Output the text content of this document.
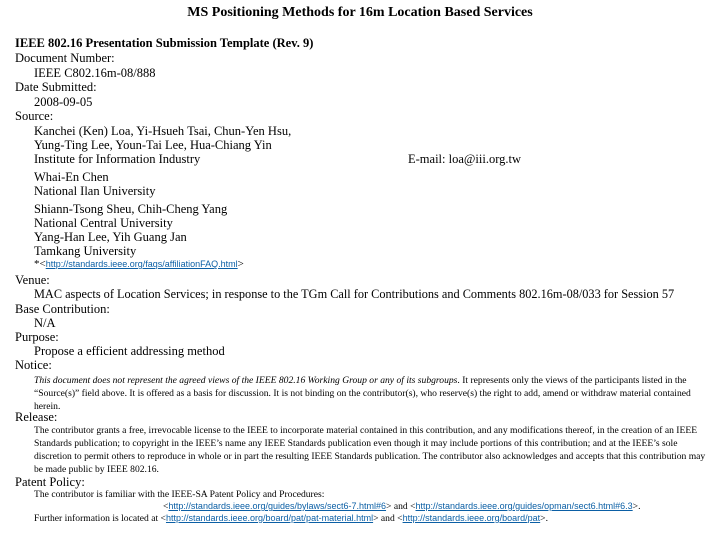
MS Positioning Methods for 16m Location Based Services
IEEE 802.16 Presentation Submission Template (Rev. 9)
Document Number:
IEEE C802.16m-08/888
Date Submitted:
2008-09-05
Source:
Kanchei (Ken) Loa, Yi-Hsueh Tsai, Chun-Yen Hsu,
Yung-Ting Lee, Youn-Tai Lee, Hua-Chiang Yin
Institute for Information Industry	E-mail: loa@iii.org.tw
Whai-En Chen
National Ilan University
Shiann-Tsong Sheu, Chih-Cheng Yang
National Central University
Yang-Han Lee, Yih Guang Jan
Tamkang University
*<http://standards.ieee.org/faqs/affiliationFAQ.html>
Venue:
MAC aspects of Location Services; in response to the TGm Call for Contributions and Comments 802.16m-08/033 for Session 57
Base Contribution:
N/A
Purpose:
Propose a efficient addressing method
Notice:
This document does not represent the agreed views of the IEEE 802.16 Working Group or any of its subgroups. It represents only the views of the participants listed in the “Source(s)” field above. It is offered as a basis for discussion. It is not binding on the contributor(s), who reserve(s) the right to add, amend or withdraw material contained herein.
Release:
The contributor grants a free, irrevocable license to the IEEE to incorporate material contained in this contribution, and any modifications thereof, in the creation of an IEEE Standards publication; to copyright in the IEEE’s name any IEEE Standards publication even though it may include portions of this contribution; and at the IEEE’s sole discretion to permit others to reproduce in whole or in part the resulting IEEE Standards publication. The contributor also acknowledges and accepts that this contribution may be made public by IEEE 802.16.
Patent Policy:
The contributor is familiar with the IEEE-SA Patent Policy and Procedures:
<http://standards.ieee.org/guides/bylaws/sect6-7.html#6> and <http://standards.ieee.org/guides/opman/sect6.html#6.3>.
Further information is located at <http://standards.ieee.org/board/pat/pat-material.html> and <http://standards.ieee.org/board/pat>.
